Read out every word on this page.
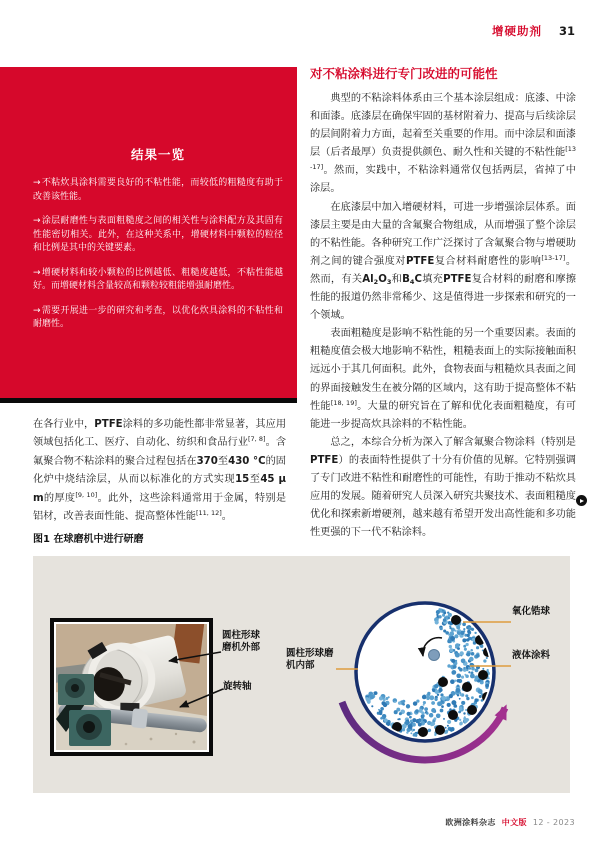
增硬助剂 31
结果一览

→不粘炊具涂料需要良好的不粘性能，而较低的粗糙度有助于改善该性能。

→涂层耐磨性与表面粗糙度之间的相关性与涂料配方及其固有性能密切相关。此外，在这种关系中，增硬材料中颗粒的粒径和比例是其中的关键要素。

→增硬材料和较小颗粒的比例越低、粗糙度越低，不粘性能越好。而增硬材料含量较高和颗粒较粗能增强耐磨性。

→需要开展进一步的研究和考查，以优化炊具涂料的不粘性和耐磨性。

在各行业中，PTFE涂料的多功能性都非常显著，其应用领域包括化工、医疗、自动化、纺织和食品行业[7, 8]。含氟聚合物不粘涂料的聚合过程包括在370至430 °C的固化炉中烧结涂层，从而以标准化的方式实现15至45 μm的厚度[9, 10]。此外，这些涂料通常用于金属，特别是铝材，改善表面性能、提高整体性能[11, 12]。
对不粘涂料进行专门改进的可能性

典型的不粘涂料体系由三个基本涂层组成：底漆、中涂和面漆。底漆层在确保牢固的基材附着力、提高与后续涂层的层间附着力方面，起着至关重要的作用。而中涂层和面漆层（后者最厚）负责提供颜色、耐久性和关键的不粘性能[13-17]。然而，实践中，不粘涂料通常仅包括两层，省掉了中涂层。

在底漆层中加入增硬材料，可进一步增强涂层体系。面漆层主要是由大量的含氟聚合物组成，从而增强了整个涂层的不粘性能。各种研究工作广泛探讨了含氟聚合物与增硬助剂之间的键合强度对PTFE复合材料耐磨性的影响[13-17]。然而，有关$Al_2O_3$和$B_4C$填充PTFE复合材料的耐磨和摩擦性能的报道仍然非常稀少、这是值得进一步探索和研究的一个领域。

表面粗糙度是影响不粘性能的另一个重要因素。表面的粗糙度值会极大地影响不粘性，粗糙表面上的实际接触面积远远小于其几何面积。此外，食物表面与粗糙炊具表面之间的界面接触发生在被分隔的区域内，这有助于提高整体不粘性能[18, 19]。大量的研究旨在了解和优化表面粗糙度，有可能进一步提高炊具涂料的不粘性能。

总之，本综合分析为深入了解含氟聚合物涂料（特别是PTFE）的表面特性提供了十分有价值的见解。它特别强调了专门改进不粘性和耐磨性的可能性，有助于推动不粘炊具应用的发展。随着研究人员深入研究共聚技术、表面粗糙度优化和探索新增硬剂，越来越有希望开发出高性能和多功能性更强的下一代不粘涂料。

图1 在球磨机中进行研磨
圆柱形球
磨机外部
旋转轴
圆柱形球磨
机内部
氧化锆球
液体涂料
欧洲涂料杂志 中文版 12 - 2023
